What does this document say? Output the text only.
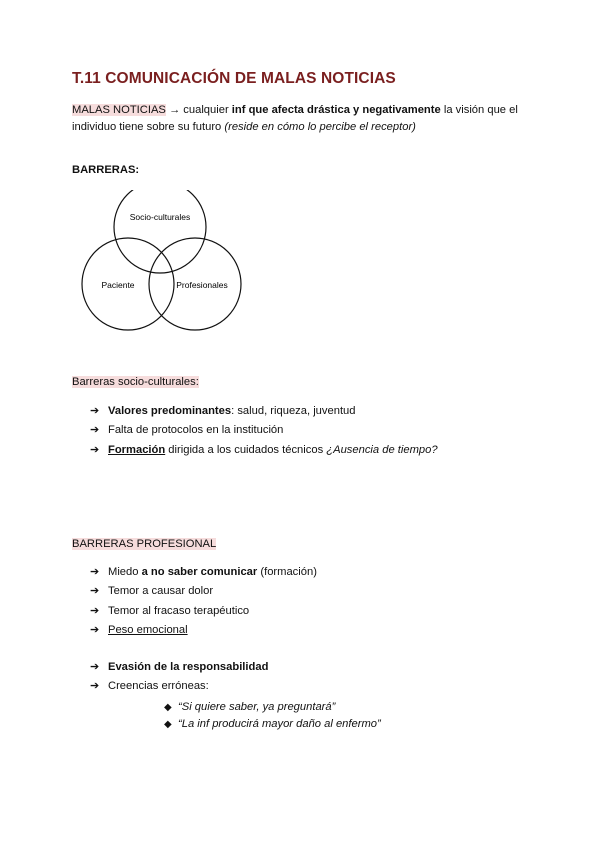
T.11 COMUNICACIÓN DE MALAS NOTICIAS
MALAS NOTICIAS → cualquier inf que afecta drástica y negativamente la visión que el
individuo tiene sobre su futuro (reside en cómo lo percibe el receptor)
BARRERAS:
Socio-culturales
Paciente	Profesionales
Barreras socio-culturales:
➔ Valores predominantes: salud, riqueza, juventud
➔ Falta de protocolos en la institución
➔ Formación dirigida a los cuidados técnicos ¿Ausencia de tiempo?
BARRERAS PROFESIONAL
➔ Miedo a no saber comunicar (formación)
➔ Temor a causar dolor
➔ Temor al fracaso terapéutico
➔ Peso emocional
➔ Evasión de la responsabilidad
➔ Creencias erróneas:
◆ “Si quiere saber, ya preguntará”
◆ “La inf producirá mayor daño al enfermo”
